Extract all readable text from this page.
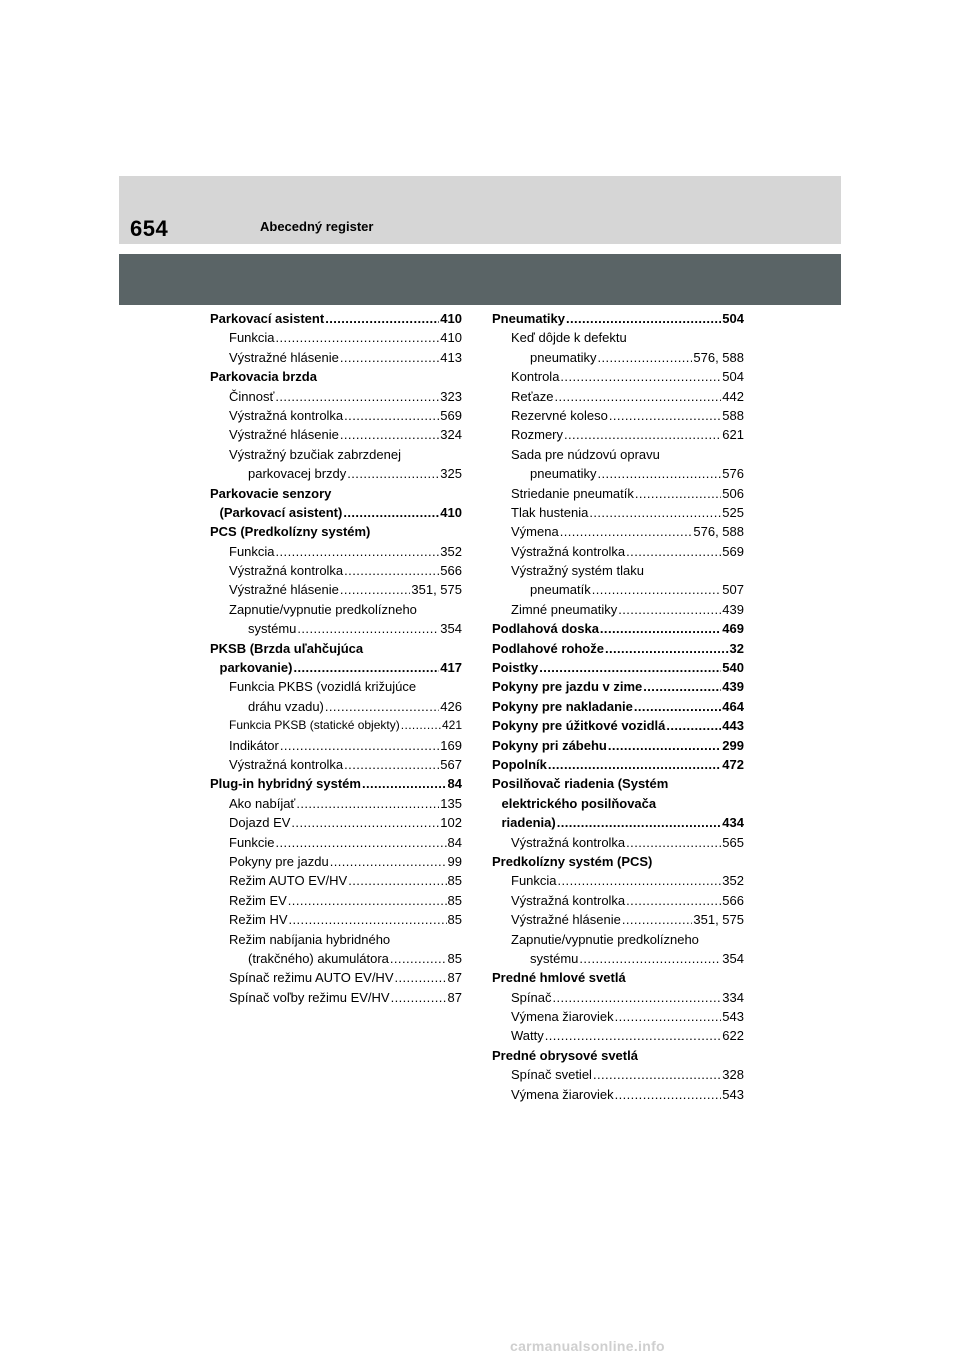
654	Abecedný register
Parkovací asistent .....	410
Funkcia .....	410
Výstražné hlásenie .....	413
Parkovacia brzda
Činnosť .....	323
Výstražná kontrolka .....	569
Výstražné hlásenie .....	324
Výstražný bzučiak zabrzdenej
parkovacej brzdy .....	325
Parkovacie senzory
(Parkovací asistent) .....	410
PCS (Predkolízny systém)
Funkcia .....	352
Výstražná kontrolka .....	566
Výstražné hlásenie .....	351, 575
Zapnutie/vypnutie predkolízneho
systému .....	354
PKSB (Brzda uľahčujúca
parkovanie) .....	417
Funkcia PKBS (vozidlá križujúce
dráhu vzadu) .....	426
Funkcia PKSB (statické objekty) .....	421
Indikátor .....	169
Výstražná kontrolka .....	567
Plug-in hybridný systém .....	84
Ako nabíjať .....	135
Dojazd EV .....	102
Funkcie .....	84
Pokyny pre jazdu .....	99
Režim AUTO EV/HV .....	85
Režim EV .....	85
Režim HV .....	85
Režim nabíjania hybridného
(trakčného) akumulátora .....	85
Spínač režimu AUTO EV/HV .....	87
Spínač voľby režimu EV/HV .....	87
Pneumatiky .....	504
Keď dôjde k defektu
pneumatiky .....	576, 588
Kontrola .....	504
Reťaze .....	442
Rezervné koleso .....	588
Rozmery .....	621
Sada pre núdzovú opravu
pneumatiky .....	576
Striedanie pneumatík .....	506
Tlak hustenia .....	525
Výmena .....	576, 588
Výstražná kontrolka .....	569
Výstražný systém tlaku
pneumatík .....	507
Zimné pneumatiky .....	439
Podlahová doska .....	469
Podlahové rohože .....	32
Poistky .....	540
Pokyny pre jazdu v zime .....	439
Pokyny pre nakladanie .....	464
Pokyny pre úžitkové vozidlá .....	443
Pokyny pri zábehu .....	299
Popolník .....	472
Posilňovač riadenia (Systém
elektrického posilňovača
riadenia) .....	434
Výstražná kontrolka .....	565
Predkolízny systém (PCS)
Funkcia .....	352
Výstražná kontrolka .....	566
Výstražné hlásenie .....	351, 575
Zapnutie/vypnutie predkolízneho
systému .....	354
Predné hmlové svetlá
Spínač .....	334
Výmena žiaroviek .....	543
Watty .....	622
Predné obrysové svetlá
Spínač svetiel .....	328
Výmena žiaroviek .....	543
carmanualsonline.info
